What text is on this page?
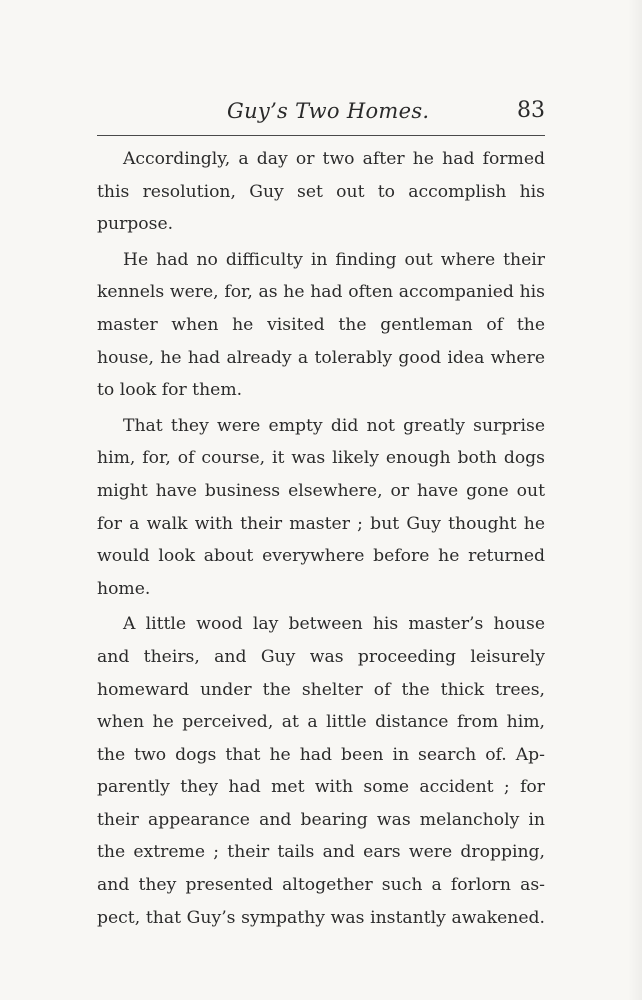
Guy’s Two Homes.	83
Accordingly, a day or two after he had formed
this resolution, Guy set out to accomplish his
purpose.
He had no difficulty in finding out where their
kennels were, for, as he had often accompanied his
master when he visited the gentleman of the
house, he had already a tolerably good idea where
to look for them.
That they were empty did not greatly surprise
him, for, of course, it was likely enough both dogs
might have business elsewhere, or have gone out
for a walk with their master ; but Guy thought he
would look about everywhere before he returned
home.
A little wood lay between his master’s house
and theirs, and Guy was proceeding leisurely
homeward under the shelter of the thick trees,
when he perceived, at a little distance from him,
the two dogs that he had been in search of. Ap-
parently they had met with some accident ; for
their appearance and bearing was melancholy in
the extreme ; their tails and ears were dropping,
and they presented altogether such a forlorn as-
pect, that Guy’s sympathy was instantly awakened.
